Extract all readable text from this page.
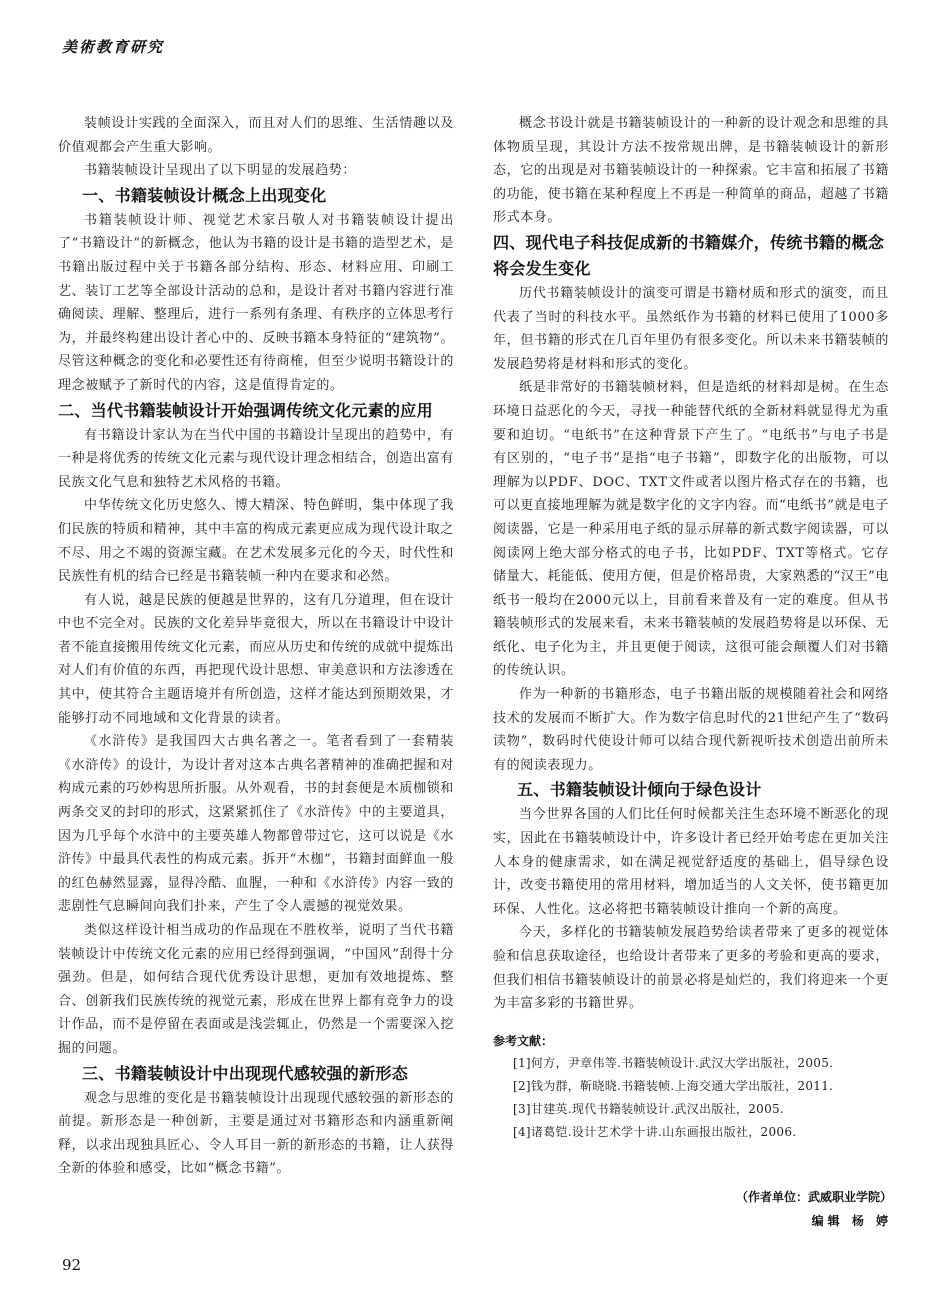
美術教育研究

装帧设计实践的全面深入，而且对人们的思维、生活情趣以及价值观都会产生重大影响。

书籍装帧设计呈现出了以下明显的发展趋势：

一、书籍装帧设计概念上出现变化

书籍装帧设计师、视觉艺术家吕敬人对书籍装帧设计提出了“书籍设计”的新概念，他认为书籍的设计是书籍的造型艺术，是书籍出版过程中关于书籍各部分结构、形态、材料应用、印刷工艺、装订工艺等全部设计活动的总和，是设计者对书籍内容进行准确阅读、理解、整理后，进行一系列有条理、有秩序的立体思考行为，并最终构建出设计者心中的、反映书籍本身特征的“建筑物”。尽管这种概念的变化和必要性还有待商榷，但至少说明书籍设计的理念被赋予了新时代的内容，这是值得肯定的。

二、当代书籍装帧设计开始强调传统文化元素的应用

有书籍设计家认为在当代中国的书籍设计呈现出的趋势中，有一种是将优秀的传统文化元素与现代设计理念相结合，创造出富有民族文化气息和独特艺术风格的书籍。

中华传统文化历史悠久、博大精深、特色鲜明，集中体现了我们民族的特质和精神，其中丰富的构成元素更应成为现代设计取之不尽、用之不竭的资源宝藏。在艺术发展多元化的今天，时代性和民族性有机的结合已经是书籍装帧一种内在要求和必然。

有人说，越是民族的便越是世界的，这有几分道理，但在设计中也不完全对。民族的文化差异毕竟很大，所以在书籍设计中设计者不能直接搬用传统文化元素，而应从历史和传统的成就中提炼出对人们有价值的东西，再把现代设计思想、审美意识和方法渗透在其中，使其符合主题语境并有所创造，这样才能达到预期效果，才能够打动不同地域和文化背景的读者。

《水浒传》是我国四大古典名著之一。笔者看到了一套精装《水浒传》的设计，为设计者对这本古典名著精神的准确把握和对构成元素的巧妙构思所折服。从外观看，书的封套便是木质枷锁和两条交叉的封印的形式，这紧紧抓住了《水浒传》中的主要道具，因为几乎每个水浒中的主要英雄人物都曾带过它，这可以说是《水浒传》中最具代表性的构成元素。拆开“木枷”，书籍封面鲜血一般的红色赫然显露，显得冷酷、血腥，一种和《水浒传》内容一致的悲剧性气息瞬间向我们扑来，产生了令人震撼的视觉效果。

类似这样设计相当成功的作品现在不胜枚举，说明了当代书籍装帧设计中传统文化元素的应用已经得到强调，“中国风”刮得十分强劲。但是，如何结合现代优秀设计思想，更加有效地提炼、整合、创新我们民族传统的视觉元素，形成在世界上都有竞争力的设计作品，而不是停留在表面或是浅尝辄止，仍然是一个需要深入挖掘的问题。

三、书籍装帧设计中出现现代感较强的新形态

观念与思维的变化是书籍装帧设计出现现代感较强的新形态的前提。新形态是一种创新，主要是通过对书籍形态和内涵重新阐释，以求出现独具匠心、令人耳目一新的新形态的书籍，让人获得全新的体验和感受，比如“概念书籍”。

概念书设计就是书籍装帧设计的一种新的设计观念和思维的具体物质呈现，其设计方法不按常规出牌，是书籍装帧设计的新形态，它的出现是对书籍装帧设计的一种探索。它丰富和拓展了书籍的功能，使书籍在某种程度上不再是一种简单的商品，超越了书籍形式本身。

四、现代电子科技促成新的书籍媒介，传统书籍的概念将会发生变化

历代书籍装帧设计的演变可谓是书籍材质和形式的演变，而且代表了当时的科技水平。虽然纸作为书籍的材料已使用了1000多年，但书籍的形式在几百年里仍有很多变化。所以未来书籍装帧的发展趋势将是材料和形式的变化。

纸是非常好的书籍装帧材料，但是造纸的材料却是树。在生态环境日益恶化的今天，寻找一种能替代纸的全新材料就显得尤为重要和迫切。“电纸书”在这种背景下产生了。“电纸书”与电子书是有区别的，“电子书”是指“电子书籍”，即数字化的出版物，可以理解为以PDF、DOC、TXT文件或者以图片格式存在的书籍，也可以更直接地理解为就是数字化的文字内容。而“电纸书”就是电子阅读器，它是一种采用电子纸的显示屏幕的新式数字阅读器，可以阅读网上绝大部分格式的电子书，比如PDF、TXT等格式。它存储量大、耗能低、使用方便，但是价格昂贵，大家熟悉的“汉王”电纸书一般均在2000元以上，目前看来普及有一定的难度。但从书籍装帧形式的发展来看，未来书籍装帧的发展趋势将是以环保、无纸化、电子化为主，并且更便于阅读，这很可能会颠覆人们对书籍的传统认识。

作为一种新的书籍形态，电子书籍出版的规模随着社会和网络技术的发展而不断扩大。作为数字信息时代的21世纪产生了“数码读物”，数码时代使设计师可以结合现代新视听技术创造出前所未有的阅读表现力。

五、书籍装帧设计倾向于绿色设计

当今世界各国的人们比任何时候都关注生态环境不断恶化的现实，因此在书籍装帧设计中，许多设计者已经开始考虑在更加关注人本身的健康需求，如在满足视觉舒适度的基础上，倡导绿色设计，改变书籍使用的常用材料，增加适当的人文关怀，使书籍更加环保、人性化。这必将把书籍装帧设计推向一个新的高度。

今天，多样化的书籍装帧发展趋势给读者带来了更多的视觉体验和信息获取途径，也给设计者带来了更多的考验和更高的要求，但我们相信书籍装帧设计的前景必将是灿烂的，我们将迎来一个更为丰富多彩的书籍世界。

参考文献：
[1]何方，尹章伟等.书籍装帧设计.武汉大学出版社，2005.
[2]钱为群，靳晓晓.书籍装帧.上海交通大学出版社，2011.
[3]甘建英.现代书籍装帧设计.武汉出版社，2005.
[4]诸葛铠.设计艺术学十讲.山东画报出版社，2006.
（作者单位：武威职业学院）
编辑 杨 婷
92
